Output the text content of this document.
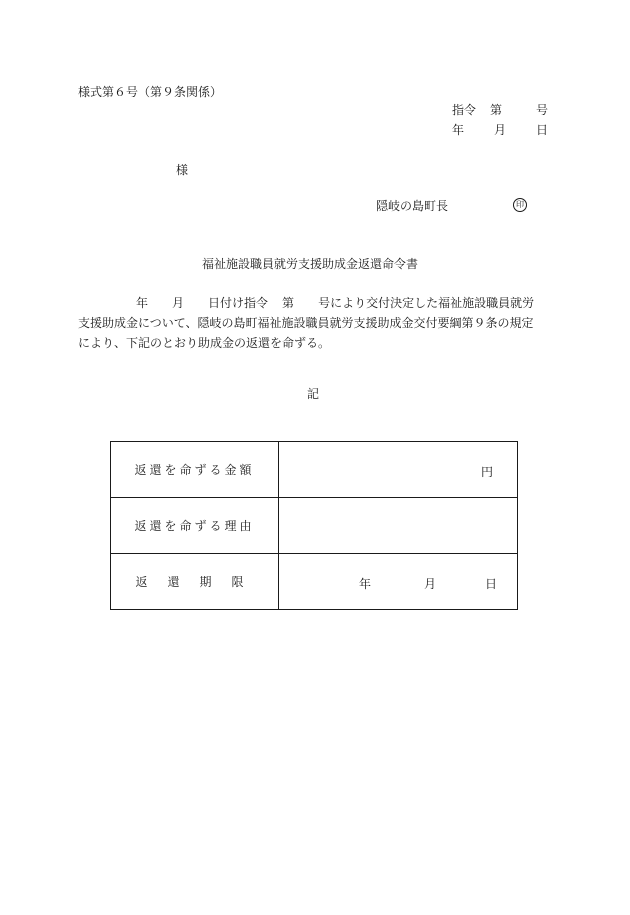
様式第６号（第９条関係）
指令 第	号
年	月	日
様
隠岐の島町長	印
福祉施設職員就労支援助成金返還命令書
年 月 日付け指令 第 号により交付決定した福祉施設職員就労
支援助成金について、隠岐の島町福祉施設職員就労支援助成金交付要綱第９条の規定
により、下記のとおり助成金の返還を命ずる。
記
返還を命ずる金額	円

返還を命ずる理由	
返還期限	年 月 日
